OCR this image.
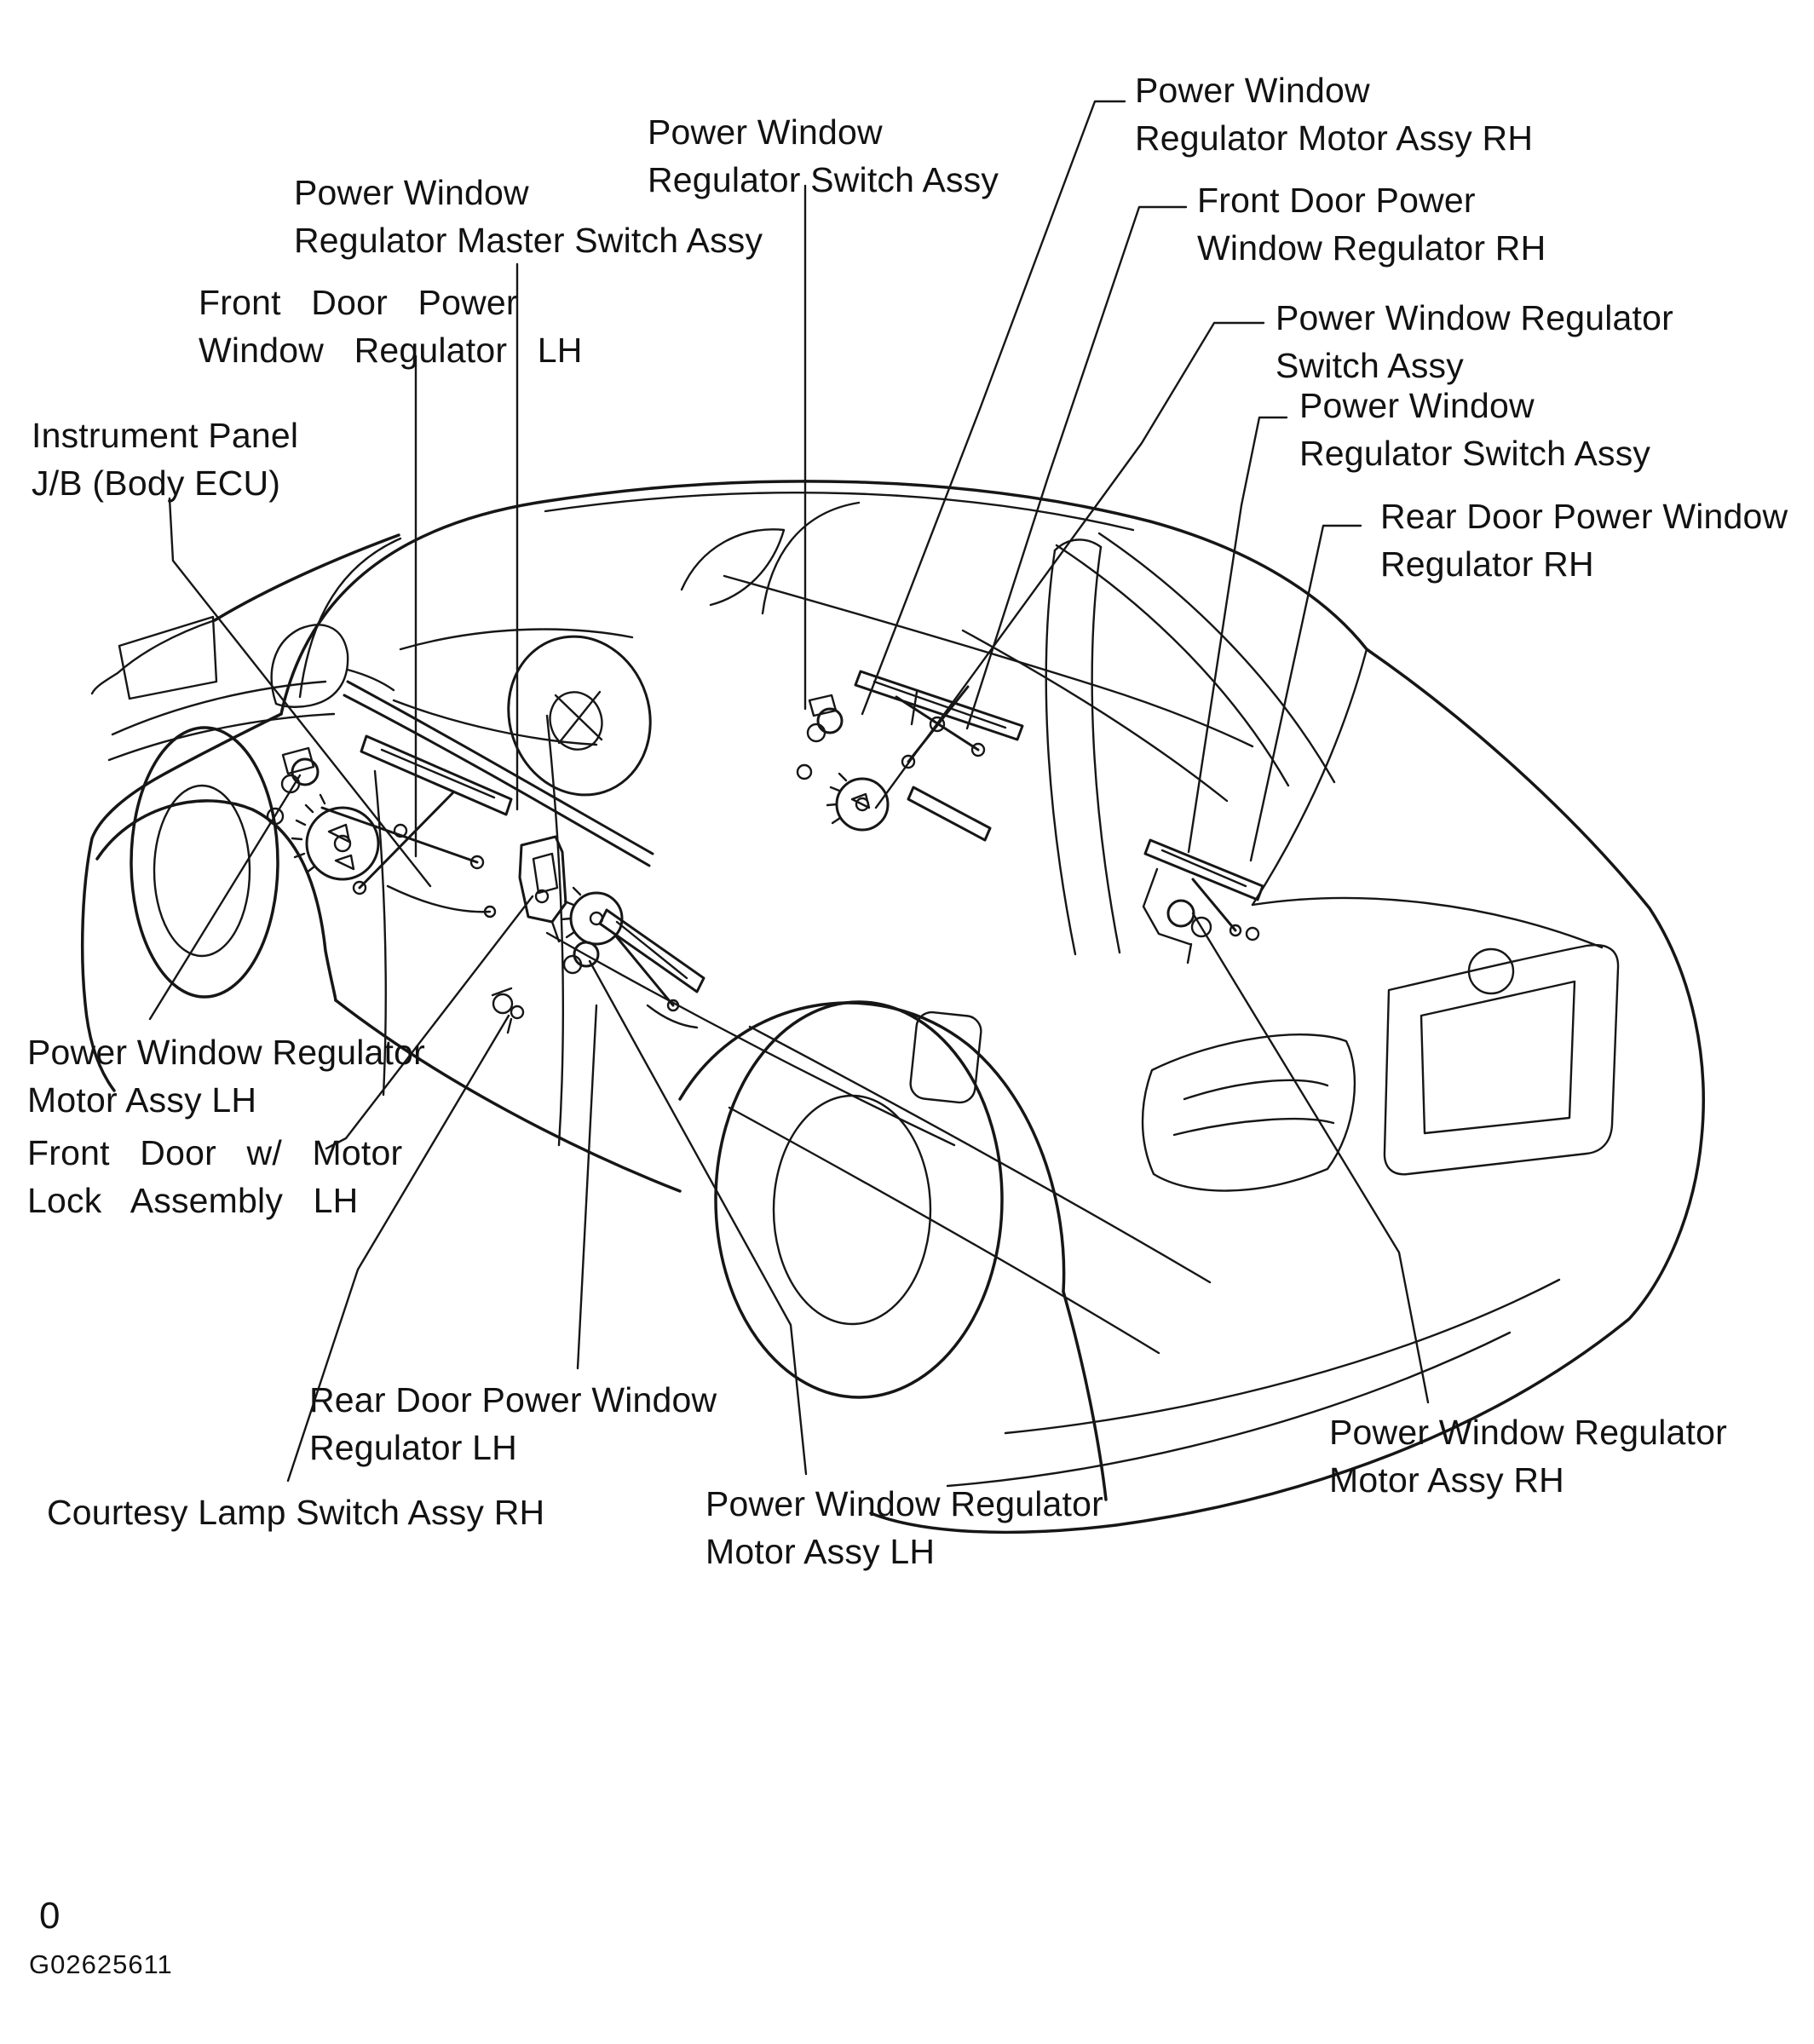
Instrument Panel
J/B (Body ECU)
Power Window
Regulator Master Switch Assy
Front Door Power
Window Regulator LH
Power Window
Regulator Switch Assy
Power Window
Regulator Motor Assy RH
Front Door Power
Window Regulator RH
Power Window Regulator
Switch Assy
Power Window
Regulator Switch Assy
Rear Door Power Window
Regulator RH
Power Window Regulator
Motor Assy LH
Front Door w/ Motor
Lock Assembly LH
Rear Door Power Window
Regulator LH
Courtesy Lamp Switch Assy RH	Power Window Regulator
Motor Assy LH
Power Window Regulator
Motor Assy RH
0
G02625611
